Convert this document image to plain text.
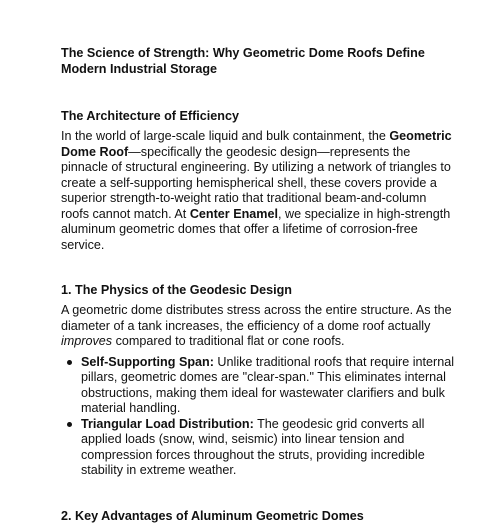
The Science of Strength: Why Geometric Dome Roofs Define Modern Industrial Storage
The Architecture of Efficiency

In the world of large-scale liquid and bulk containment, the Geometric Dome Roof—specifically the geodesic design—represents the pinnacle of structural engineering. By utilizing a network of triangles to create a self-supporting hemispherical shell, these covers provide a superior strength-to-weight ratio that traditional beam-and-column roofs cannot match. At Center Enamel, we specialize in high-strength aluminum geometric domes that offer a lifetime of corrosion-free service.

1. The Physics of the Geodesic Design

A geometric dome distributes stress across the entire structure. As the diameter of a tank increases, the efficiency of a dome roof actually improves compared to traditional flat or cone roofs.

Self-Supporting Span: Unlike traditional roofs that require internal pillars, geometric domes are "clear-span." This eliminates internal obstructions, making them ideal for wastewater clarifiers and bulk material handling.
Triangular Load Distribution: The geodesic grid converts all applied loads (snow, wind, seismic) into linear tension and compression forces throughout the struts, providing incredible stability in extreme weather.
2. Key Advantages of Aluminum Geometric Domes
